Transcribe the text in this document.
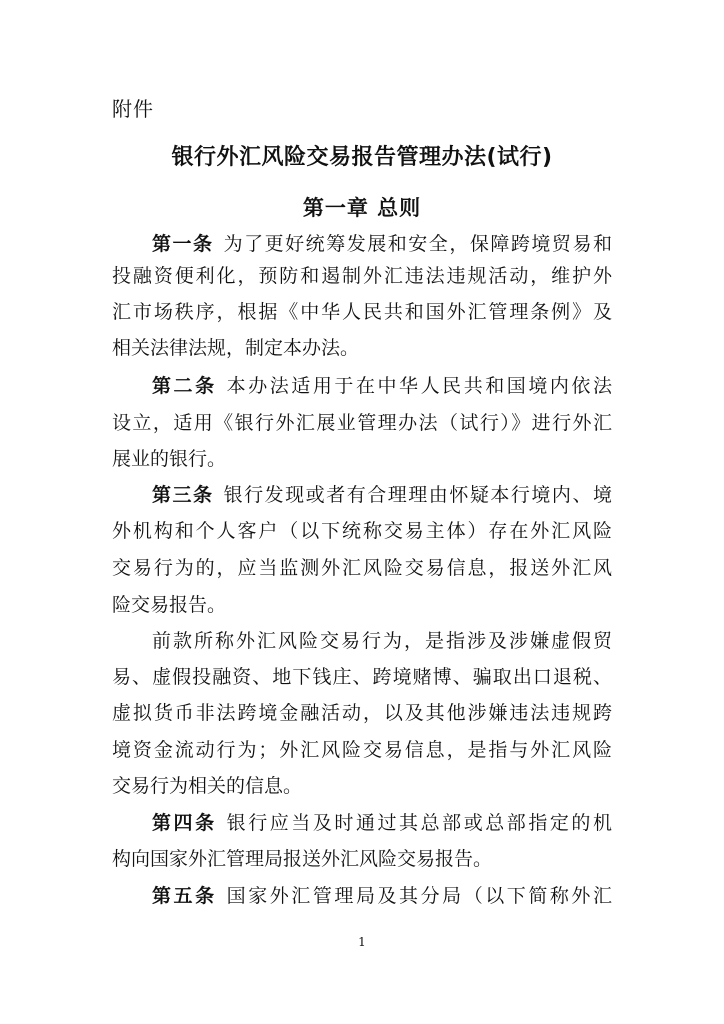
附件
银行外汇风险交易报告管理办法(试行)
第一章 总则
第一条 为了更好统筹发展和安全，保障跨境贸易和
投融资便利化，预防和遏制外汇违法违规活动，维护外
汇市场秩序，根据《中华人民共和国外汇管理条例》及
相关法律法规，制定本办法。
第二条 本办法适用于在中华人民共和国境内依法
设立，适用《银行外汇展业管理办法（试行）》进行外汇
展业的银行。
第三条 银行发现或者有合理理由怀疑本行境内、境
外机构和个人客户（以下统称交易主体）存在外汇风险
交易行为的，应当监测外汇风险交易信息，报送外汇风
险交易报告。
前款所称外汇风险交易行为，是指涉及涉嫌虚假贸
易、虚假投融资、地下钱庄、跨境赌博、骗取出口退税、
虚拟货币非法跨境金融活动，以及其他涉嫌违法违规跨
境资金流动行为；外汇风险交易信息，是指与外汇风险
交易行为相关的信息。
第四条 银行应当及时通过其总部或总部指定的机
构向国家外汇管理局报送外汇风险交易报告。
第五条 国家外汇管理局及其分局（以下简称外汇
1
